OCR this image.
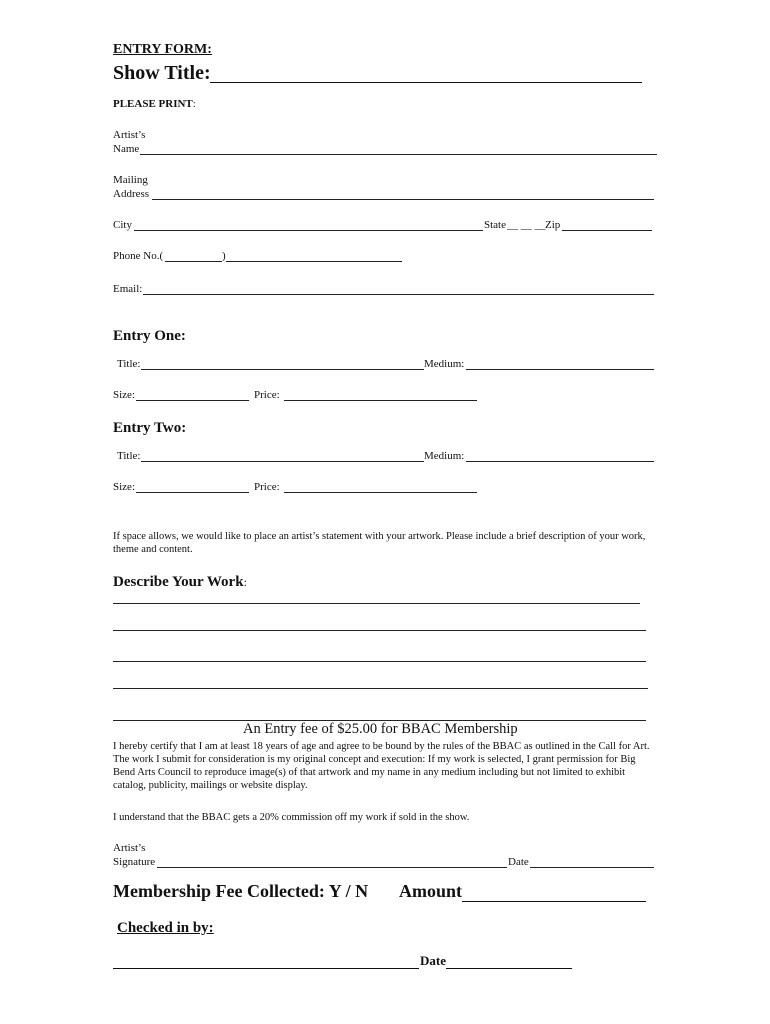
ENTRY FORM:
Show Title:
PLEASE PRINT:
Artist’s
Name
Mailing
Address
City	State __ __ __ Zip
Phone No.(	)
Email:
Entry One:
Title:	Medium:
Size:	Price:
Entry Two:
Title:	Medium:
Size:	Price:
If space allows, we would like to place an artist’s statement with your artwork. Please include a brief description of your work, theme and content.
Describe Your Work:
An Entry fee of $25.00 for BBAC Membership
I hereby certify that I am at least 18 years of age and agree to be bound by the rules of the BBAC as outlined in the Call for Art. The work I submit for consideration is my original concept and execution: If my work is selected, I grant permission for Big Bend Arts Council to reproduce image(s) of that artwork and my name in any medium including but not limited to exhibit catalog, publicity, mailings or website display.
I understand that the BBAC gets a 20% commission off my work if sold in the show.
Artist’s
Signature	Date
Membership Fee Collected: Y / N Amount
Checked in by:
Date
